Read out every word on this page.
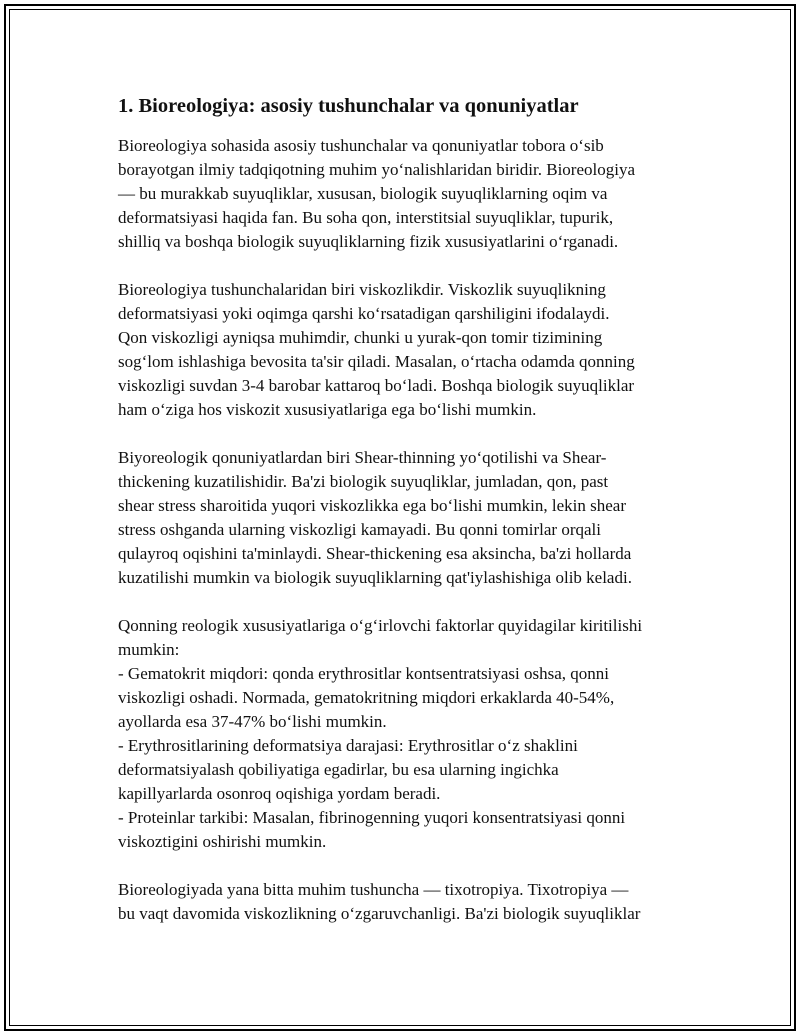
1. Bioreologiya: asosiy tushunchalar va qonuniyatlar
Bioreologiya sohasida asosiy tushunchalar va qonuniyatlar tobora o‘sib
borayotgan ilmiy tadqiqotning muhim yo‘nalishlaridan biridir. Bioreologiya
— bu murakkab suyuqliklar, xususan, biologik suyuqliklarning oqim va
deformatsiyasi haqida fan. Bu soha qon, interstitsial suyuqliklar, tupurik,
shilliq va boshqa biologik suyuqliklarning fizik xususiyatlarini o‘rganadi.
Bioreologiya tushunchalaridan biri viskozlikdir. Viskozlik suyuqlikning
deformatsiyasi yoki oqimga qarshi ko‘rsatadigan qarshiligini ifodalaydi.
Qon viskozligi ayniqsa muhimdir, chunki u yurak-qon tomir tizimining
sog‘lom ishlashiga bevosita ta'sir qiladi. Masalan, o‘rtacha odamda qonning
viskozligi suvdan 3-4 barobar kattaroq bo‘ladi. Boshqa biologik suyuqliklar
ham o‘ziga hos viskozit xususiyatlariga ega bo‘lishi mumkin.
Biyoreologik qonuniyatlardan biri Shear-thinning yo‘qotilishi va Shear-
thickening kuzatilishidir. Ba'zi biologik suyuqliklar, jumladan, qon, past
shear stress sharoitida yuqori viskozlikka ega bo‘lishi mumkin, lekin shear
stress oshganda ularning viskozligi kamayadi. Bu qonni tomirlar orqali
qulayroq oqishini ta'minlaydi. Shear-thickening esa aksincha, ba'zi hollarda
kuzatilishi mumkin va biologik suyuqliklarning qat'iylashishiga olib keladi.
Qonning reologik xususiyatlariga o‘g‘irlovchi faktorlar quyidagilar kiritilishi
mumkin:
- Gematokrit miqdori: qonda erythrositlar kontsentratsiyasi oshsa, qonni
viskozligi oshadi. Normada, gematokritning miqdori erkaklarda 40-54%,
ayollarda esa 37-47% bo‘lishi mumkin.
- Erythrositlarining deformatsiya darajasi: Erythrositlar o‘z shaklini
deformatsiyalash qobiliyatiga egadirlar, bu esa ularning ingichka
kapillyarlarda osonroq oqishiga yordam beradi.
- Proteinlar tarkibi: Masalan, fibrinogenning yuqori konsentratsiyasi qonni
viskoztigini oshirishi mumkin.
Bioreologiyada yana bitta muhim tushuncha — tixotropiya. Tixotropiya —
bu vaqt davomida viskozlikning o‘zgaruvchanligi. Ba'zi biologik suyuqliklar
